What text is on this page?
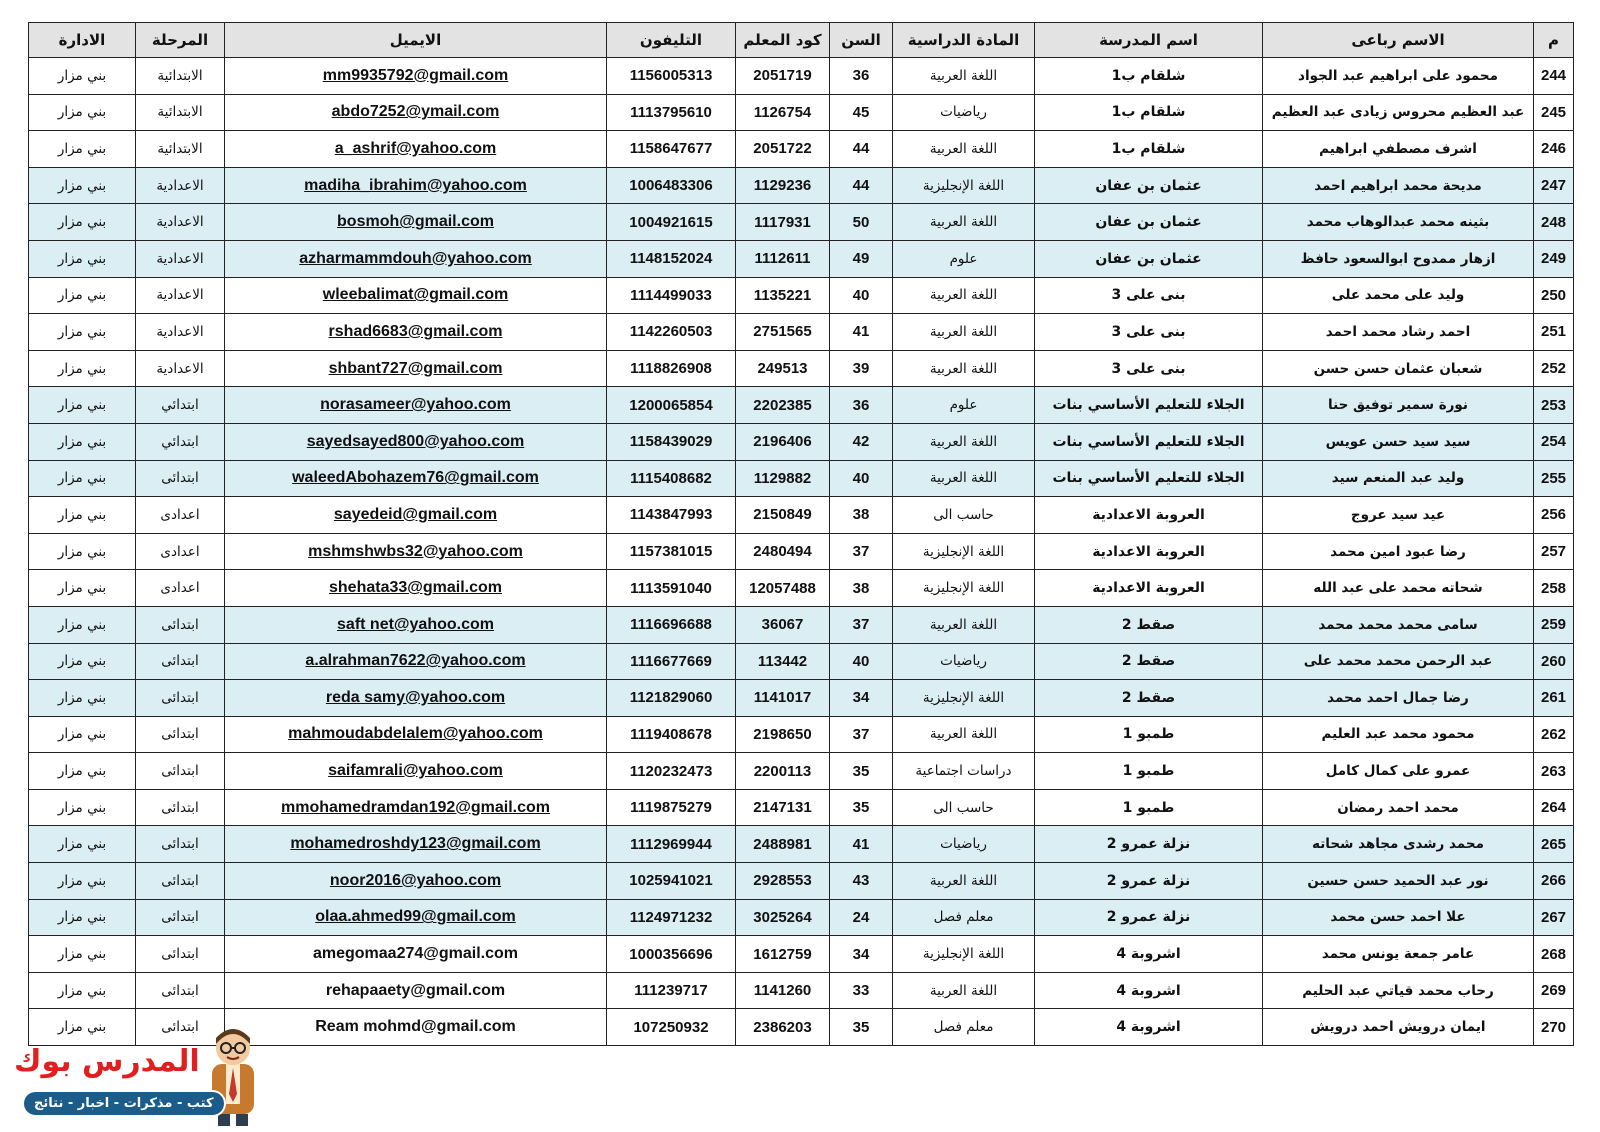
م	الاسم رباعى	اسم المدرسة	المادة الدراسية	السن	كود المعلم	التليفون	الايميل	المرحلة	الادارة
244	محمود على ابراهيم عبد الجواد	شلقام ب1	اللغة العربية	36	2051719	1156005313	mm9935792@gmail.com	الابتدائية	بني مزار
245	عبد العظيم محروس زيادى عبد العظيم	شلقام ب1	رياضيات	45	1126754	1113795610	abdo7252@ymail.com	الابتدائية	بني مزار
246	اشرف مصطفي ابراهيم	شلقام ب1	اللغة العربية	44	2051722	1158647677	a_ashrif@yahoo.com	الابتدائية	بني مزار
247	مديحة محمد ابراهيم احمد	عثمان بن عفان	اللغة الإنجليزية	44	1129236	1006483306	madiha_ibrahim@yahoo.com	الاعدادية	بني مزار
248	بثينه محمد عبدالوهاب محمد	عثمان بن عفان	اللغة العربية	50	1117931	1004921615	bosmoh@gmail.com	الاعدادية	بني مزار
249	ازهار ممدوح ابوالسعود حافظ	عثمان بن عفان	علوم	49	1112611	1148152024	azharmammdouh@yahoo.com	الاعدادية	بني مزار
250	وليد على محمد على	بنى على 3	اللغة العربية	40	1135221	1114499033	wleebalimat@gmail.com	الاعدادية	بني مزار
251	احمد رشاد محمد احمد	بنى على 3	اللغة العربية	41	2751565	1142260503	rshad6683@gmail.com	الاعدادية	بني مزار
252	شعبان عثمان حسن حسن	بنى على 3	اللغة العربية	39	249513	1118826908	shbant727@gmail.com	الاعدادية	بني مزار
253	نورة سمير توفيق حنا	الجلاء للتعليم الأساسي بنات	علوم	36	2202385	1200065854	norasameer@yahoo.com	ابتدائي	بني مزار
254	سيد سيد حسن عويس	الجلاء للتعليم الأساسي بنات	اللغة العربية	42	2196406	1158439029	sayedsayed800@yahoo.com	ابتدائي	بني مزار
255	وليد عبد المنعم سيد	الجلاء للتعليم الأساسي بنات	اللغة العربية	40	1129882	1115408682	waleedAbohazem76@gmail.com	ابتدائى	بني مزار
256	عيد سيد عروج	العروبة الاعدادية	حاسب الى	38	2150849	1143847993	sayedeid@gmail.com	اعدادى	بني مزار
257	رضا عبود امين محمد	العروبة الاعدادية	اللغة الإنجليزية	37	2480494	1157381015	mshmshwbs32@yahoo.com	اعدادى	بني مزار
258	شحاته محمد على عبد الله	العروبة الاعدادية	اللغة الإنجليزية	38	12057488	1113591040	shehata33@gmail.com	اعدادى	بني مزار
259	سامى محمد محمد محمد	صقط 2	اللغة العربية	37	36067	1116696688	saft net@yahoo.com	ابتدائى	بني مزار
260	عبد الرحمن محمد محمد على	صقط 2	رياضيات	40	113442	1116677669	a.alrahman7622@yahoo.com	ابتدائى	بني مزار
261	رضا جمال احمد محمد	صقط 2	اللغة الإنجليزية	34	1141017	1121829060	reda samy@yahoo.com	ابتدائى	بني مزار
262	محمود محمد عبد العليم	طمبو 1	اللغة العربية	37	2198650	1119408678	mahmoudabdelalem@yahoo.com	ابتدائى	بني مزار
263	عمرو على كمال كامل	طمبو 1	دراسات اجتماعية	35	2200113	1120232473	saifamrali@yahoo.com	ابتدائى	بني مزار
264	محمد احمد رمضان	طمبو 1	حاسب الى	35	2147131	1119875279	mmohamedramdan192@gmail.com	ابتدائى	بني مزار
265	محمد رشدى مجاهد شحاته	نزلة عمرو 2	رياضيات	41	2488981	1112969944	mohamedroshdy123@gmail.com	ابتدائى	بني مزار
266	نور عبد الحميد حسن حسين	نزلة عمرو 2	اللغة العربية	43	2928553	1025941021	noor2016@yahoo.com	ابتدائى	بني مزار
267	علا احمد حسن محمد	نزلة عمرو 2	معلم فصل	24	3025264	1124971232	olaa.ahmed99@gmail.com	ابتدائى	بني مزار
268	عامر جمعة يونس محمد	اشروبة 4	اللغة الإنجليزية	34	1612759	1000356696	amegomaa274@gmail.com	ابتدائى	بني مزار
269	رحاب محمد قياتي عبد الحليم	اشروبة 4	اللغة العربية	33	1141260	111239717	rehapaaety@gmail.com	ابتدائى	بني مزار
270	ايمان درويش احمد درويش	اشروبة 4	معلم فصل	35	2386203	107250932	Ream mohmd@gmail.com	ابتدائى	بني مزار
المدرس بوك
كتب - مذكرات - اخبار - نتائج
